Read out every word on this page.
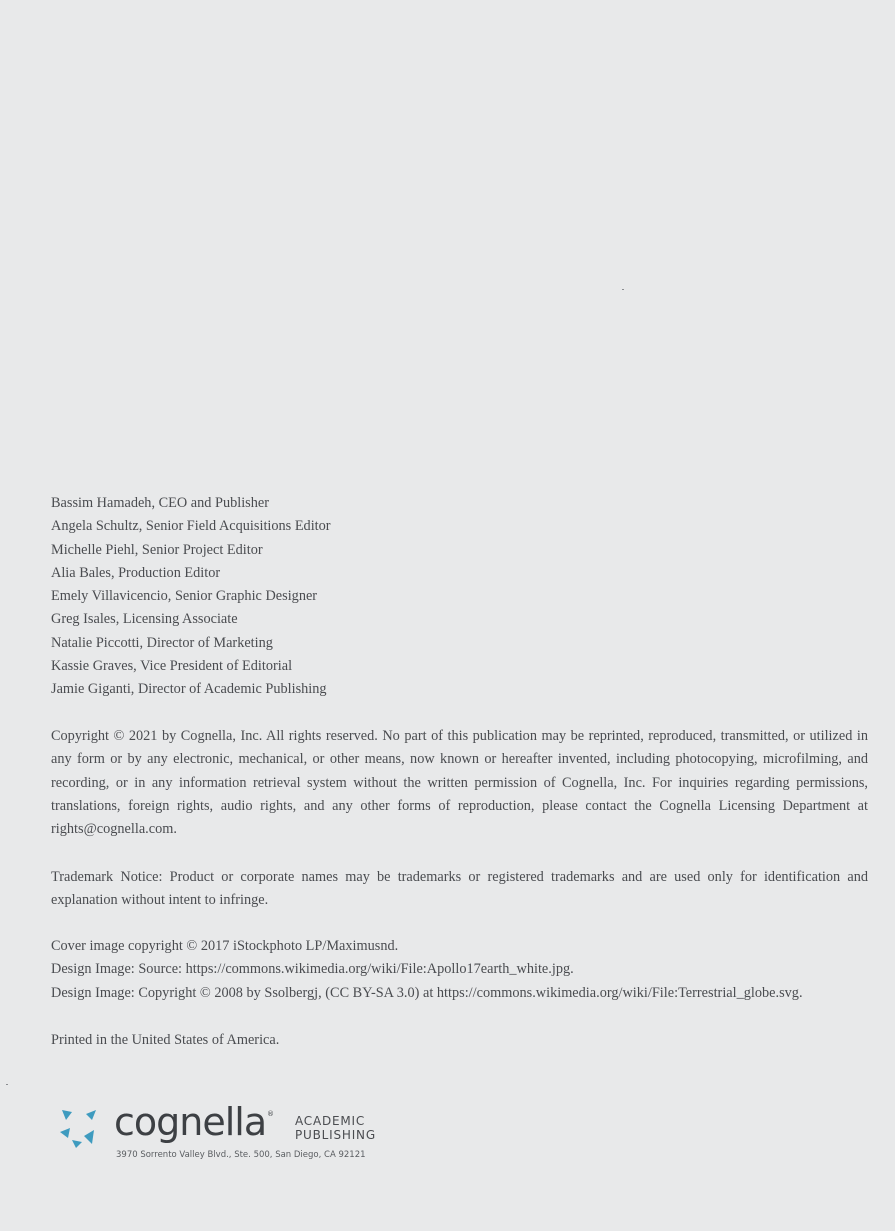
Bassim Hamadeh, CEO and Publisher
Angela Schultz, Senior Field Acquisitions Editor
Michelle Piehl, Senior Project Editor
Alia Bales, Production Editor
Emely Villavicencio, Senior Graphic Designer
Greg Isales, Licensing Associate
Natalie Piccotti, Director of Marketing
Kassie Graves, Vice President of Editorial
Jamie Giganti, Director of Academic Publishing
Copyright © 2021 by Cognella, Inc. All rights reserved. No part of this publication may be reprinted, reproduced, transmitted, or utilized in any form or by any electronic, mechanical, or other means, now known or hereafter invented, including photocopying, microfilming, and recording, or in any information retrieval system without the written permission of Cognella, Inc. For inquiries regarding permissions, translations, foreign rights, audio rights, and any other forms of reproduction, please contact the Cognella Licensing Department at rights@cognella.com.
Trademark Notice: Product or corporate names may be trademarks or registered trademarks and are used only for identification and explanation without intent to infringe.
Cover image copyright © 2017 iStockphoto LP/Maximusnd.
Design Image: Source: https://commons.wikimedia.org/wiki/File:Apollo17earth_white.jpg.
Design Image: Copyright © 2008 by Ssolbergj, (CC BY-SA 3.0) at https://commons.wikimedia.org/wiki/File:Terrestrial_globe.svg.
Printed in the United States of America.
cognella ® ACADEMIC
PUBLISHING
3970 Sorrento Valley Blvd., Ste. 500, San Diego, CA 92121
